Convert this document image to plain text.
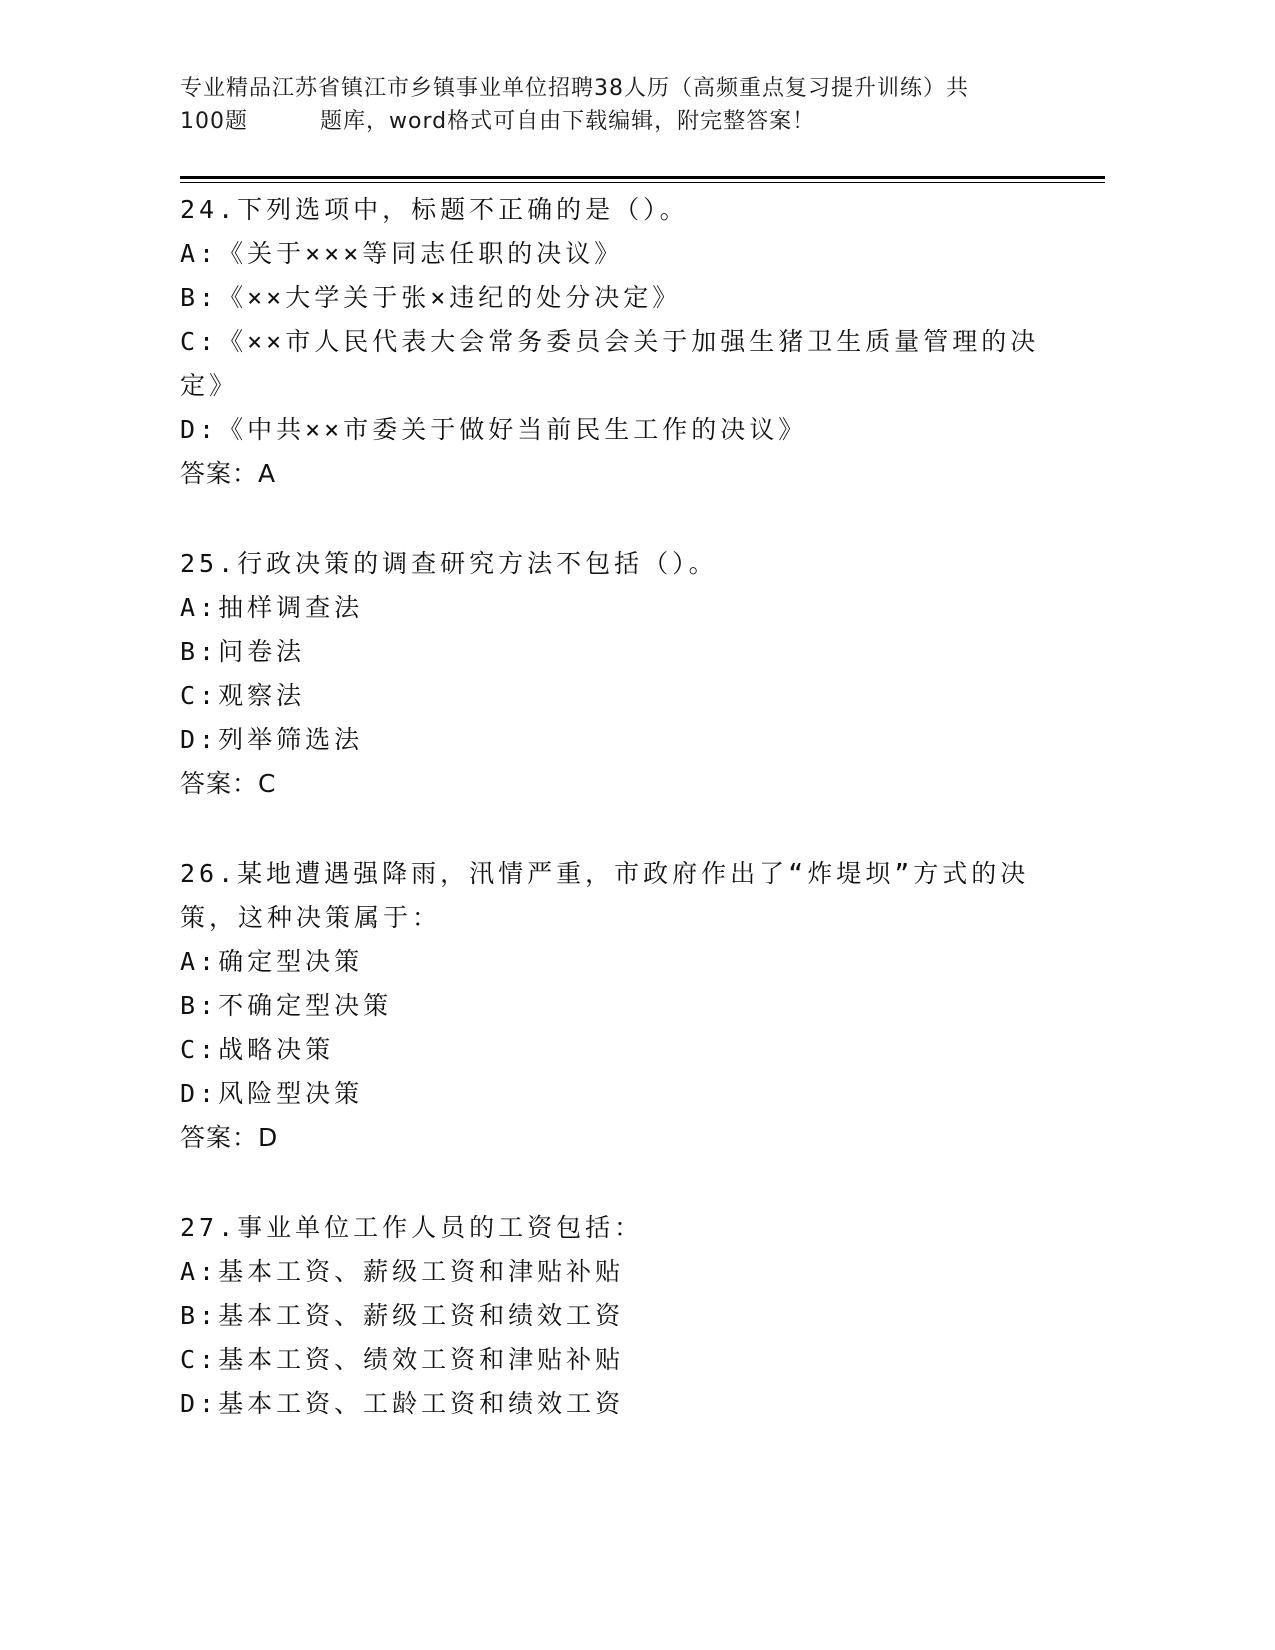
专业精品江苏省镇江市乡镇事业单位招聘38人历（高频重点复习提升训练）共
100题	题库，word格式可自由下载编辑，附完整答案！
24.下列选项中，标题不正确的是（）。
A:《关于×××等同志任职的决议》
B:《××大学关于张×违纪的处分决定》
C:《××市人民代表大会常务委员会关于加强生猪卫生质量管理的决定》
D:《中共××市委关于做好当前民生工作的决议》
答案：A
25.行政决策的调查研究方法不包括（）。
A:抽样调查法
B:问卷法
C:观察法
D:列举筛选法
答案：C
26.某地遭遇强降雨，汛情严重，市政府作出了“炸堤坝”方式的决策，这种决策属于：
A:确定型决策
B:不确定型决策
C:战略决策
D:风险型决策
答案：D
27.事业单位工作人员的工资包括：
A:基本工资、薪级工资和津贴补贴
B:基本工资、薪级工资和绩效工资
C:基本工资、绩效工资和津贴补贴
D:基本工资、工龄工资和绩效工资
